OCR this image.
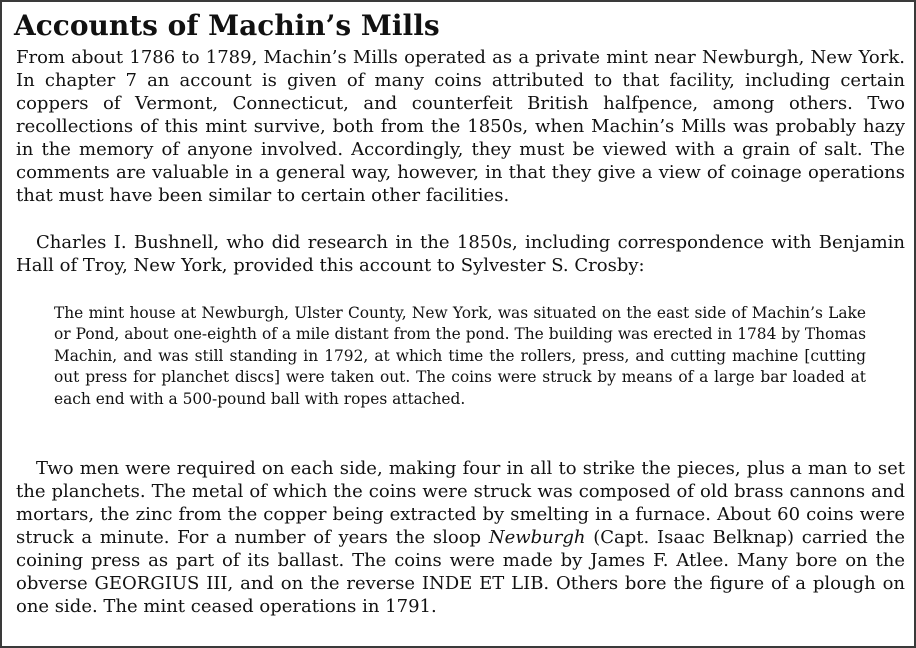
Accounts of Machin’s Mills

From about 1786 to 1789, Machin’s Mills operated as a private mint near Newburgh, New York. In chapter 7 an account is given of many coins attributed to that facility, including certain coppers of Vermont, Connecticut, and counterfeit British halfpence, among others. Two recollections of this mint survive, both from the 1850s, when Machin’s Mills was probably hazy in the memory of anyone involved. Accordingly, they must be viewed with a grain of salt. The comments are valuable in a general way, however, in that they give a view of coinage operations that must have been similar to certain other facilities.

Charles I. Bushnell, who did research in the 1850s, including correspondence with Benjamin Hall of Troy, New York, provided this account to Sylvester S. Crosby:

The mint house at Newburgh, Ulster County, New York, was situated on the east side of Machin’s Lake or Pond, about one-eighth of a mile distant from the pond. The building was erected in 1784 by Thomas Machin, and was still standing in 1792, at which time the rollers, press, and cutting machine [cutting out press for planchet discs] were taken out. The coins were struck by means of a large bar loaded at each end with a 500-pound ball with ropes attached.

Two men were required on each side, making four in all to strike the pieces, plus a man to set the planchets. The metal of which the coins were struck was composed of old brass cannons and mortars, the zinc from the copper being extracted by smelting in a furnace. About 60 coins were struck a minute. For a number of years the sloop Newburgh (Capt. Isaac Belknap) carried the coining press as part of its ballast. The coins were made by James F. Atlee. Many bore on the obverse GEORGIUS III, and on the reverse INDE ET LIB. Others bore the figure of a plough on one side. The mint ceased operations in 1791.
